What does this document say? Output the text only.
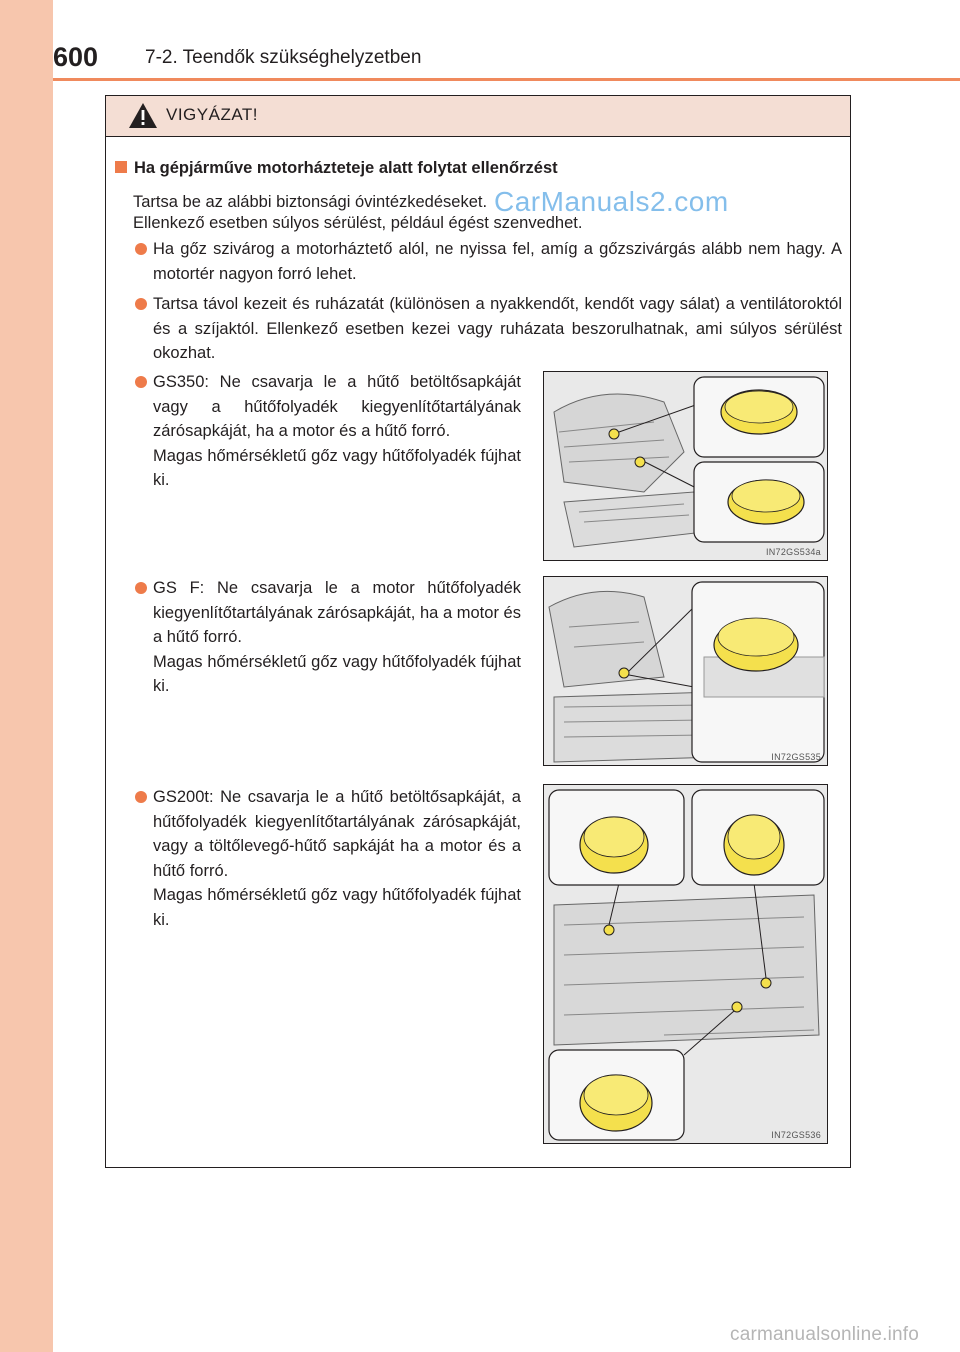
600 7-2. Teendők szükséghelyzetben
VIGYÁZAT!
Ha gépjárműve motorházteteje alatt folytat ellenőrzést
Tartsa be az alábbi biztonsági óvintézkedéseket.
Ellenkező esetben súlyos sérülést, például égést szenvedhet.
Ha gőz szivárog a motorháztető alól, ne nyissa fel, amíg a gőzszivárgás alább nem hagy. A motortér nagyon forró lehet.
Tartsa távol kezeit és ruházatát (különösen a nyakkendőt, kendőt vagy sálat) a ventilátoroktól és a szíjaktól. Ellenkező esetben kezei vagy ruházata beszorulhatnak, ami súlyos sérülést okozhat.
GS350: Ne csavarja le a hűtő betöltősapkáját vagy a hűtőfolyadék kiegyenlítőtartályának zárósapkáját, ha a motor és a hűtő forró.
Magas hőmérsékletű gőz vagy hűtőfolyadék fújhat ki.
IN72GS534a
GS F: Ne csavarja le a motor hűtőfolyadék kiegyenlítőtartályának zárósapkáját, ha a motor és a hűtő forró.
Magas hőmérsékletű gőz vagy hűtőfolyadék fújhat ki.
IN72GS535
GS200t: Ne csavarja le a hűtő betöltősapkáját, a hűtőfolyadék kiegyenlítőtartályának zárósapkáját, vagy a töltőlevegő-hűtő sapkáját ha a motor és a hűtő forró.
Magas hőmérsékletű gőz vagy hűtőfolyadék fújhat ki.
IN72GS536
CarManuals2.com
carmanualsonline.info
